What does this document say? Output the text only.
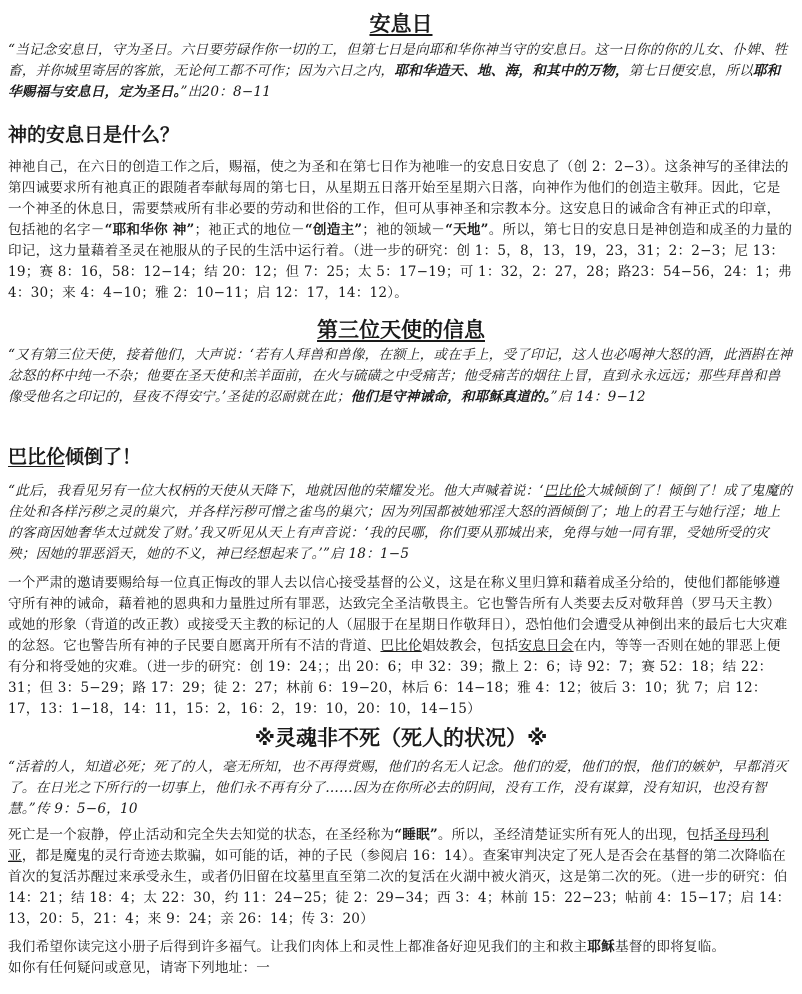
安息日

“当记念安息日，守为圣日。六日要劳碌作你一切的工，但第七日是向耶和华你神当守的安息日。这一日你的你的儿女、仆婢、牲畜，并你城里寄居的客旅，无论何工都不可作；因为六日之内，耶和华造天、地、海，和其中的万物，第七日便安息，所以耶和华赐福与安息日，定为圣日。”出20：8−11

神的安息日是什么？

神祂自己，在六日的创造工作之后，赐福，使之为圣和在第七日作为祂唯一的安息日安息了（创 2：2−3）。这条神写的圣律法的第四诫要求所有祂真正的跟随者奉献每周的第七日，从星期五日落开始至星期六日落，向神作为他们的创造主敬拜。因此，它是一个神圣的休息日，需要禁戒所有非必要的劳动和世俗的工作，但可从事神圣和宗教本分。这安息日的诫命含有神正式的印章，包括祂的名字－“耶和华你 神”；祂正式的地位－“创造主”；祂的领域－“天地”。所以，第七日的安息日是神创造和成圣的力量的印记，这力量藉着圣灵在祂服从的子民的生活中运行着。（进一步的研究：创 1：5，8，13，19，23，31；2：2−3；尼 13：19；赛 8：16，58：12−14；结 20：12；但 7：25；太 5：17−19；可 1：32，2：27，28；路23：54−56，24：1；弗 4：30；来 4：4−10；雅 2：10−11；启 12：17，14：12）。

第三位天使的信息

“又有第三位天使，接着他们，大声说：‘若有人拜兽和兽像，在额上，或在手上，受了印记，这人也必喝神大怒的酒，此酒斟在神忿怒的杯中纯一不杂；他要在圣天使和羔羊面前，在火与硫磺之中受痛苦；他受痛苦的烟往上冒，直到永永远远；那些拜兽和兽像受他名之印记的，昼夜不得安宁。’圣徒的忍耐就在此；他们是守神诫命，和耶稣真道的。”启 14：9−12

巴比伦倾倒了！

“此后，我看见另有一位大权柄的天使从天降下，地就因他的荣耀发光。他大声喊着说：‘巴比伦大城倾倒了！倾倒了！成了鬼魔的住处和各样污秽之灵的巢穴，并各样污秽可憎之雀鸟的巢穴；因为列国都被她邪淫大怒的酒倾倒了；地上的君王与她行淫；地上的客商因她奢华太过就发了财。’我又听见从天上有声音说：‘我的民哪，你们要从那城出来，免得与她一同有罪，受她所受的灾殃；因她的罪恶滔天，她的不义，神已经想起来了。’”启 18：1−5

一个严肃的邀请要赐给每一位真正悔改的罪人去以信心接受基督的公义，这是在称义里归算和藉着成圣分给的，使他们都能够遵守所有神的诫命，藉着祂的恩典和力量胜过所有罪恶，达致完全圣洁敬畏主。它也警告所有人类要去反对敬拜兽（罗马天主教）或她的形象（背道的改正教）或接受天主教的标记的人（屈服于在星期日作敬拜日），恐怕他们会遭受从神倒出来的最后七大灾难的忿怒。它也警告所有神的子民要自愿离开所有不洁的背道、巴比伦娼妓教会，包括安息日会在内，等等一否则在她的罪恶上便有分和将受她的灾难。（进一步的研究：创 19：24；；出 20：6；申 32：39；撒上 2：6；诗 92：7；赛 52：18；结 22：31；但 3：5−29；路 17：29；徒 2：27；林前 6：19−20，林后 6：14−18；雅 4：12；彼后 3：10；犹 7；启 12：17，13：1−18，14：11，15：2，16：2，19：10，20：10，14−15）

※灵魂非不死（死人的状况）※

“活着的人，知道必死；死了的人，毫无所知，也不再得赏赐，他们的名无人记念。他们的爱，他们的恨，他们的嫉妒，早都消灭了。在日光之下所行的一切事上，他们永不再有分了……因为在你所必去的阴间，没有工作，没有谋算，没有知识，也没有智慧。”传 9：5−6，10

死亡是一个寂静，停止活动和完全失去知觉的状态，在圣经称为“睡眠”。所以，圣经清楚证实所有死人的出现，包括圣母玛利亚，都是魔鬼的灵行奇迹去欺骗，如可能的话，神的子民（参阅启 16：14）。查案审判决定了死人是否会在基督的第二次降临在首次的复活苏醒过来承受永生，或者仍旧留在坟墓里直至第二次的复活在火湖中被火消灭，这是第二次的死。（进一步的研究：伯 14：21；结 18：4；太 22：30，约 11：24−25；徒 2：29−34；西 3：4；林前 15：22−23；帖前 4：15−17；启 14：13，20：5，21：4；来 9：24；亲 26：14；传 3：20）

我们希望你读完这小册子后得到许多福气。让我们肉体上和灵性上都准备好迎见我们的主和救主耶稣基督的即将复临。
如你有任何疑问或意见，请寄下列地址：一
